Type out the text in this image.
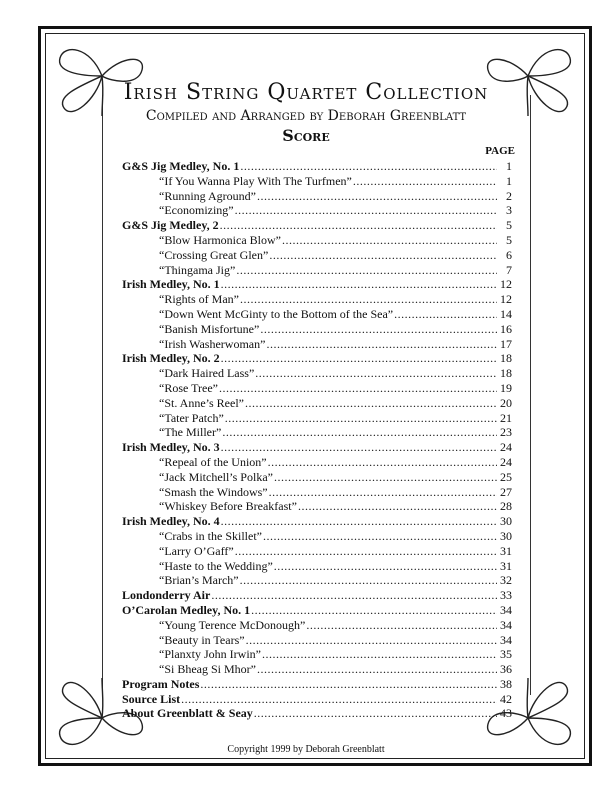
Irish String Quartet Collection
Compiled and Arranged by Deborah Greenblatt
Score
PAGE
G&S Jig Medley, No. 1 .....	1
“If You Wanna Play With The Turfmen” .....	1
“Running Aground” .....	2
“Economizing” .....	3
G&S Jig Medley, 2 .....	5
“Blow Harmonica Blow” .....	5
“Crossing Great Glen” .....	6
“Thingama Jig” .....	7
Irish Medley, No. 1 .....	12
“Rights of Man” .....	12
“Down Went McGinty to the Bottom of the Sea” .....	14
“Banish Misfortune” .....	16
“Irish Washerwoman” .....	17
Irish Medley, No. 2 .....	18
“Dark Haired Lass” .....	18
“Rose Tree” .....	19
“St. Anne’s Reel” .....	20
“Tater Patch” .....	21
“The Miller” .....	23
Irish Medley, No. 3 .....	24
“Repeal of the Union” .....	24
“Jack Mitchell’s Polka” .....	25
“Smash the Windows” .....	27
“Whiskey Before Breakfast” .....	28
Irish Medley, No. 4 .....	30
“Crabs in the Skillet” .....	30
“Larry O’Gaff” .....	31
“Haste to the Wedding” .....	31
“Brian’s March” .....	32
Londonderry Air .....	33
O’Carolan Medley, No. 1 .....	34
“Young Terence McDonough” .....	34
“Beauty in Tears” .....	34
“Planxty John Irwin” .....	35
“Si Bheag Si Mhor” .....	36
Program Notes .....	38
Source List .....	42
About Greenblatt & Seay .....	43
Copyright 1999 by Deborah Greenblatt
